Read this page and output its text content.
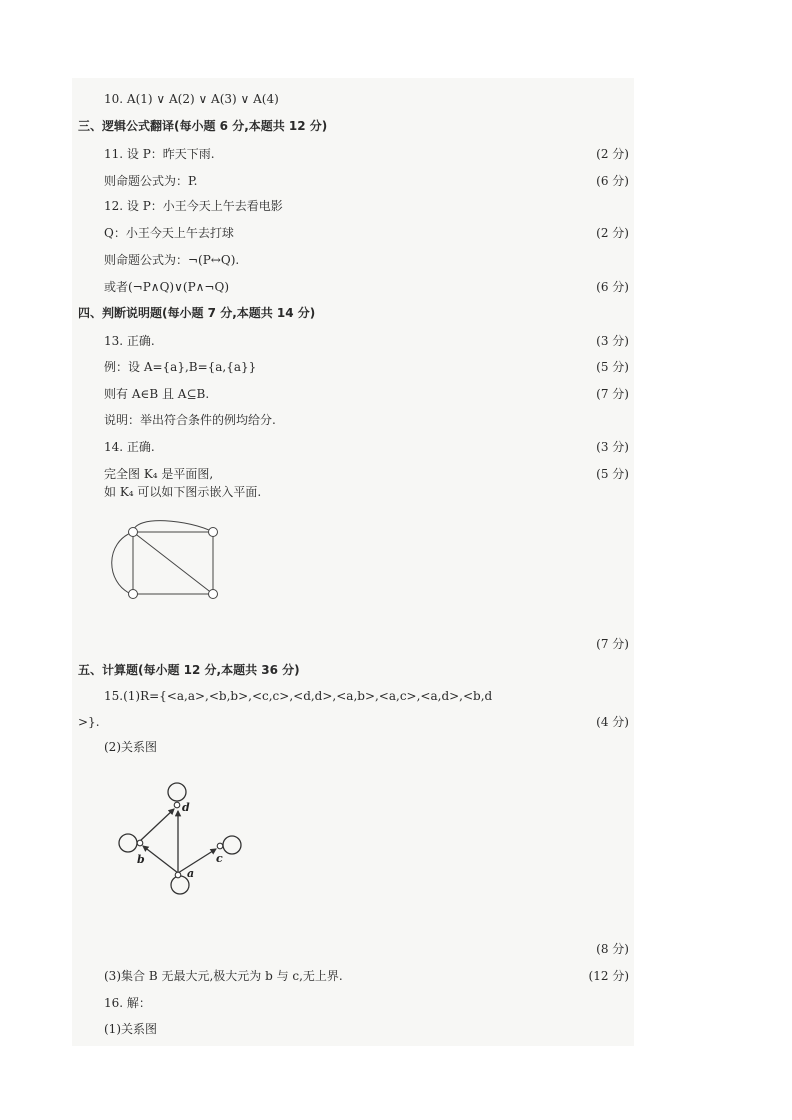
10. A(1) ∨ A(2) ∨ A(3) ∨ A(4)
三、逻辑公式翻译(每小题 6 分,本题共 12 分)
11. 设 P：昨天下雨.	(2 分)
则命题公式为：P.	(6 分)
12. 设 P：小王今天上午去看电影
Q：小王今天上午去打球	(2 分)
则命题公式为：¬(P↔Q).
或者(¬P∧Q)∨(P∧¬Q)	(6 分)
四、判断说明题(每小题 7 分,本题共 14 分)
13. 正确.	(3 分)
例：设 A={a},B={a,{a}}	(5 分)
则有 A∈B 且 A⊆B.	(7 分)
说明：举出符合条件的例均给分.
14. 正确.	(3 分)
完全图 K₄ 是平面图,	(5 分)
如 K₄ 可以如下图示嵌入平面.
(7 分)
五、计算题(每小题 12 分,本题共 36 分)
15.(1)R={<a,a>,<b,b>,<c,c>,<d,d>,<a,b>,<a,c>,<a,d>,<b,d
>}.	(4 分)
(2)关系图
d
b	c
a
(8 分)
(3)集合 B 无最大元,极大元为 b 与 c,无上界.	(12 分)
16. 解：
(1)关系图
